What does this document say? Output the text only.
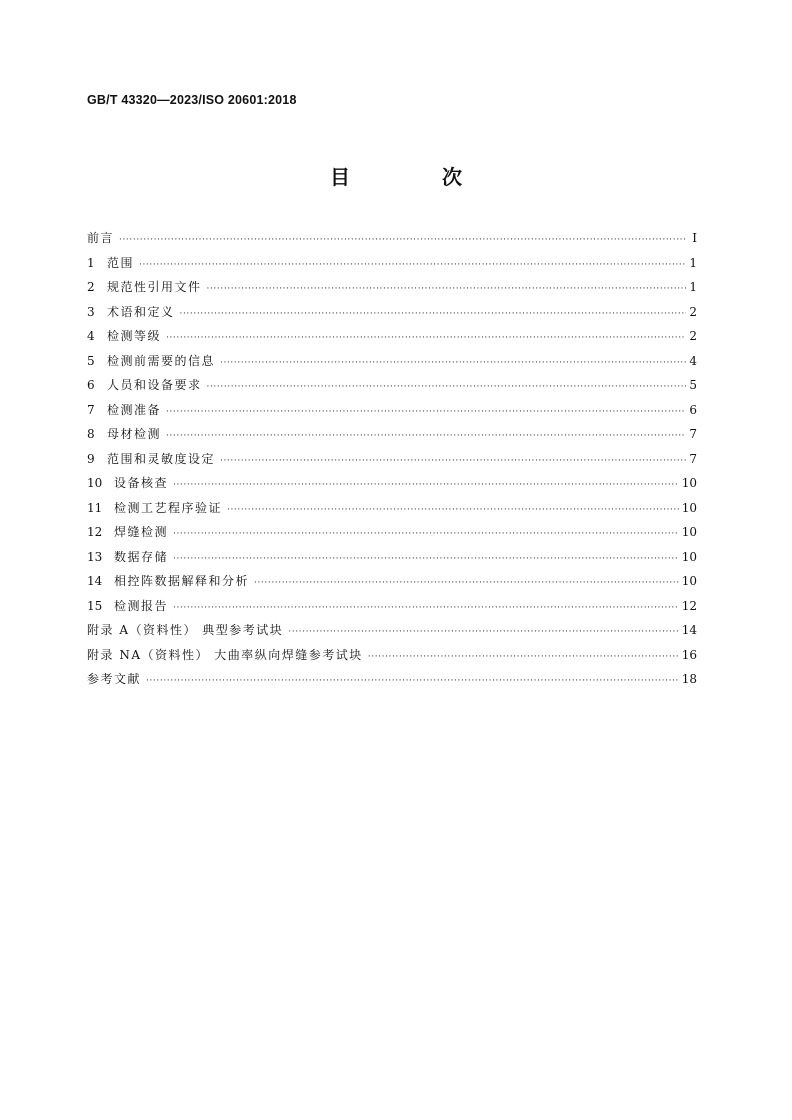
GB/T 43320—2023/ISO 20601:2018
目　次
前言 ·····	Ⅰ
1	范围 ·····	1
2	规范性引用文件 ·····	1
3	术语和定义 ·····	2
4	检测等级 ·····	2
5	检测前需要的信息 ·····	4
6	人员和设备要求 ·····	5
7	检测准备 ·····	6
8	母材检测 ·····	7
9	范围和灵敏度设定 ·····	7
10 设备核查 ·····	10
11 检测工艺程序验证 ·····	10
12 焊缝检测 ·····	10
13 数据存储 ·····	10
14 相控阵数据解释和分析 ·····	10
15 检测报告 ·····	12
附录 A（资料性） 典型参考试块 ·····	14
附录 NA（资料性） 大曲率纵向焊缝参考试块 ·····	16
参考文献 ·····	18
